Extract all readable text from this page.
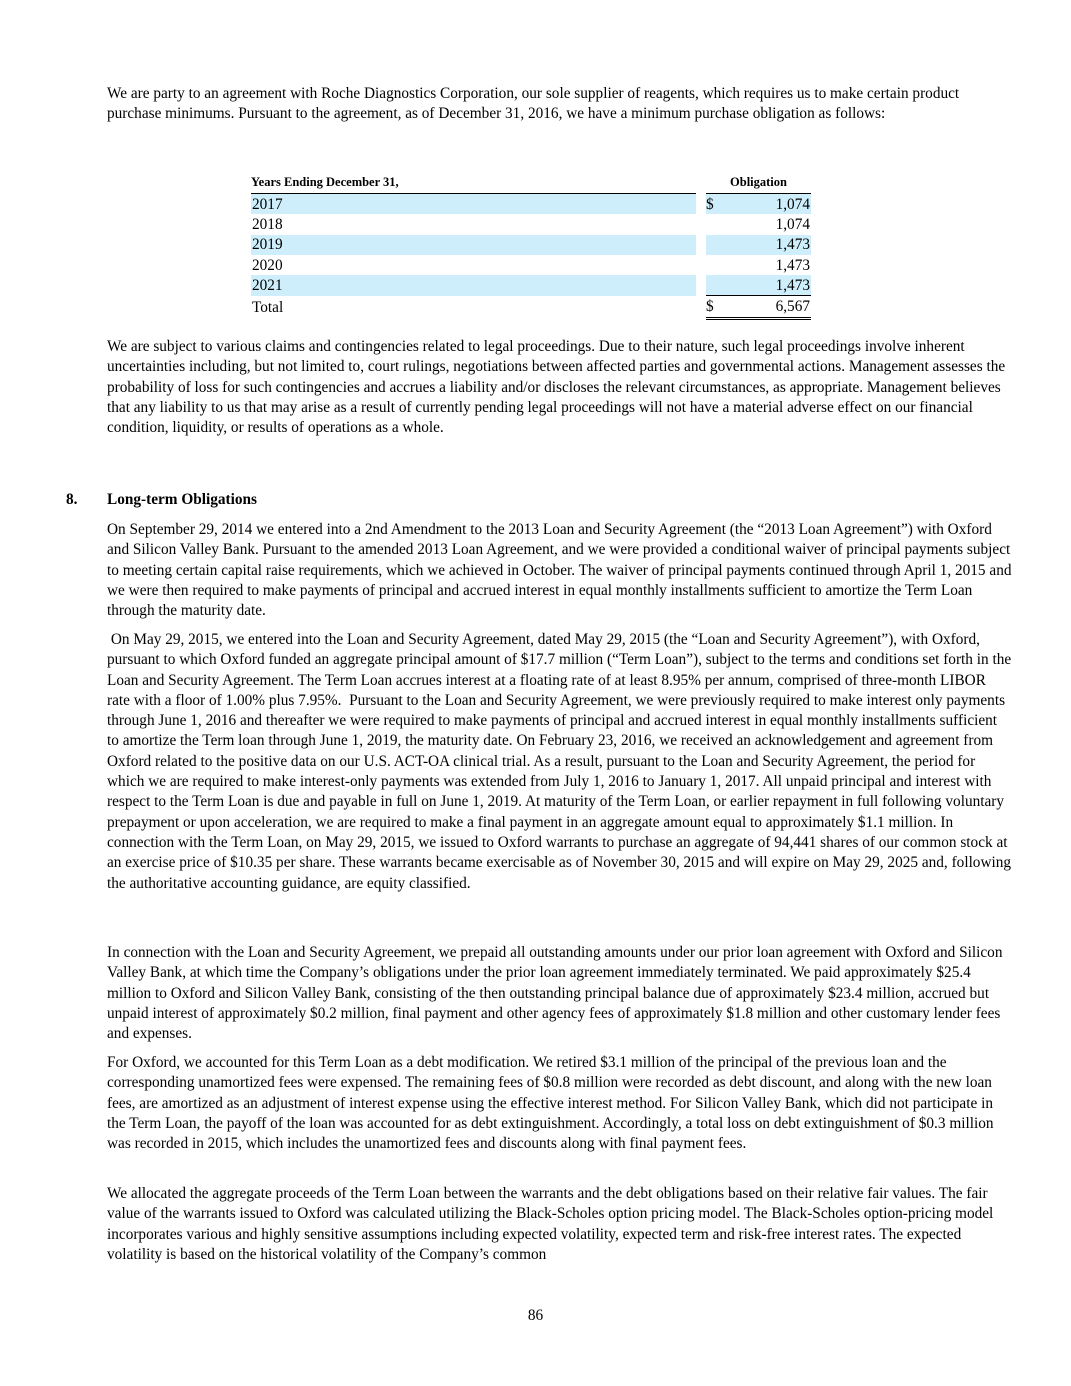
We are party to an agreement with Roche Diagnostics Corporation, our sole supplier of reagents, which requires us to make certain product purchase minimums. Pursuant to the agreement, as of December 31, 2016, we have a minimum purchase obligation as follows:

Years Ending December 31,		Obligation	
2017		$	1,074
2018			1,074
2019			1,473
2020			1,473
2021			1,473
Total		$	6,567

We are subject to various claims and contingencies related to legal proceedings. Due to their nature, such legal proceedings involve inherent uncertainties including, but not limited to, court rulings, negotiations between affected parties and governmental actions. Management assesses the probability of loss for such contingencies and accrues a liability and/or discloses the relevant circumstances, as appropriate. Management believes that any liability to us that may arise as a result of currently pending legal proceedings will not have a material adverse effect on our financial condition, liquidity, or results of operations as a whole.

8. Long-term Obligations

On September 29, 2014 we entered into a 2nd Amendment to the 2013 Loan and Security Agreement (the “2013 Loan Agreement”) with Oxford and Silicon Valley Bank. Pursuant to the amended 2013 Loan Agreement, and we were provided a conditional waiver of principal payments subject to meeting certain capital raise requirements, which we achieved in October. The waiver of principal payments continued through April 1, 2015 and we were then required to make payments of principal and accrued interest in equal monthly installments sufficient to amortize the Term Loan through the maturity date.

On May 29, 2015, we entered into the Loan and Security Agreement, dated May 29, 2015 (the “Loan and Security Agreement”), with Oxford, pursuant to which Oxford funded an aggregate principal amount of $17.7 million (“Term Loan”), subject to the terms and conditions set forth in the Loan and Security Agreement. The Term Loan accrues interest at a floating rate of at least 8.95% per annum, comprised of three-month LIBOR rate with a floor of 1.00% plus 7.95%.  Pursuant to the Loan and Security Agreement, we were previously required to make interest only payments through June 1, 2016 and thereafter we were required to make payments of principal and accrued interest in equal monthly installments sufficient to amortize the Term loan through June 1, 2019, the maturity date. On February 23, 2016, we received an acknowledgement and agreement from Oxford related to the positive data on our U.S. ACT-OA clinical trial. As a result, pursuant to the Loan and Security Agreement, the period for which we are required to make interest-only payments was extended from July 1, 2016 to January 1, 2017. All unpaid principal and interest with respect to the Term Loan is due and payable in full on June 1, 2019. At maturity of the Term Loan, or earlier repayment in full following voluntary prepayment or upon acceleration, we are required to make a final payment in an aggregate amount equal to approximately $1.1 million. In connection with the Term Loan, on May 29, 2015, we issued to Oxford warrants to purchase an aggregate of 94,441 shares of our common stock at an exercise price of $10.35 per share. These warrants became exercisable as of November 30, 2015 and will expire on May 29, 2025 and, following the authoritative accounting guidance, are equity classified.

In connection with the Loan and Security Agreement, we prepaid all outstanding amounts under our prior loan agreement with Oxford and Silicon Valley Bank, at which time the Company’s obligations under the prior loan agreement immediately terminated. We paid approximately $25.4 million to Oxford and Silicon Valley Bank, consisting of the then outstanding principal balance due of approximately $23.4 million, accrued but unpaid interest of approximately $0.2 million, final payment and other agency fees of approximately $1.8 million and other customary lender fees and expenses.

For Oxford, we accounted for this Term Loan as a debt modification. We retired $3.1 million of the principal of the previous loan and the corresponding unamortized fees were expensed. The remaining fees of $0.8 million were recorded as debt discount, and along with the new loan fees, are amortized as an adjustment of interest expense using the effective interest method. For Silicon Valley Bank, which did not participate in the Term Loan, the payoff of the loan was accounted for as debt extinguishment. Accordingly, a total loss on debt extinguishment of $0.3 million was recorded in 2015, which includes the unamortized fees and discounts along with final payment fees.

We allocated the aggregate proceeds of the Term Loan between the warrants and the debt obligations based on their relative fair values. The fair value of the warrants issued to Oxford was calculated utilizing the Black-Scholes option pricing model. The Black-Scholes option-pricing model incorporates various and highly sensitive assumptions including expected volatility, expected term and risk-free interest rates. The expected volatility is based on the historical volatility of the Company’s common

86
